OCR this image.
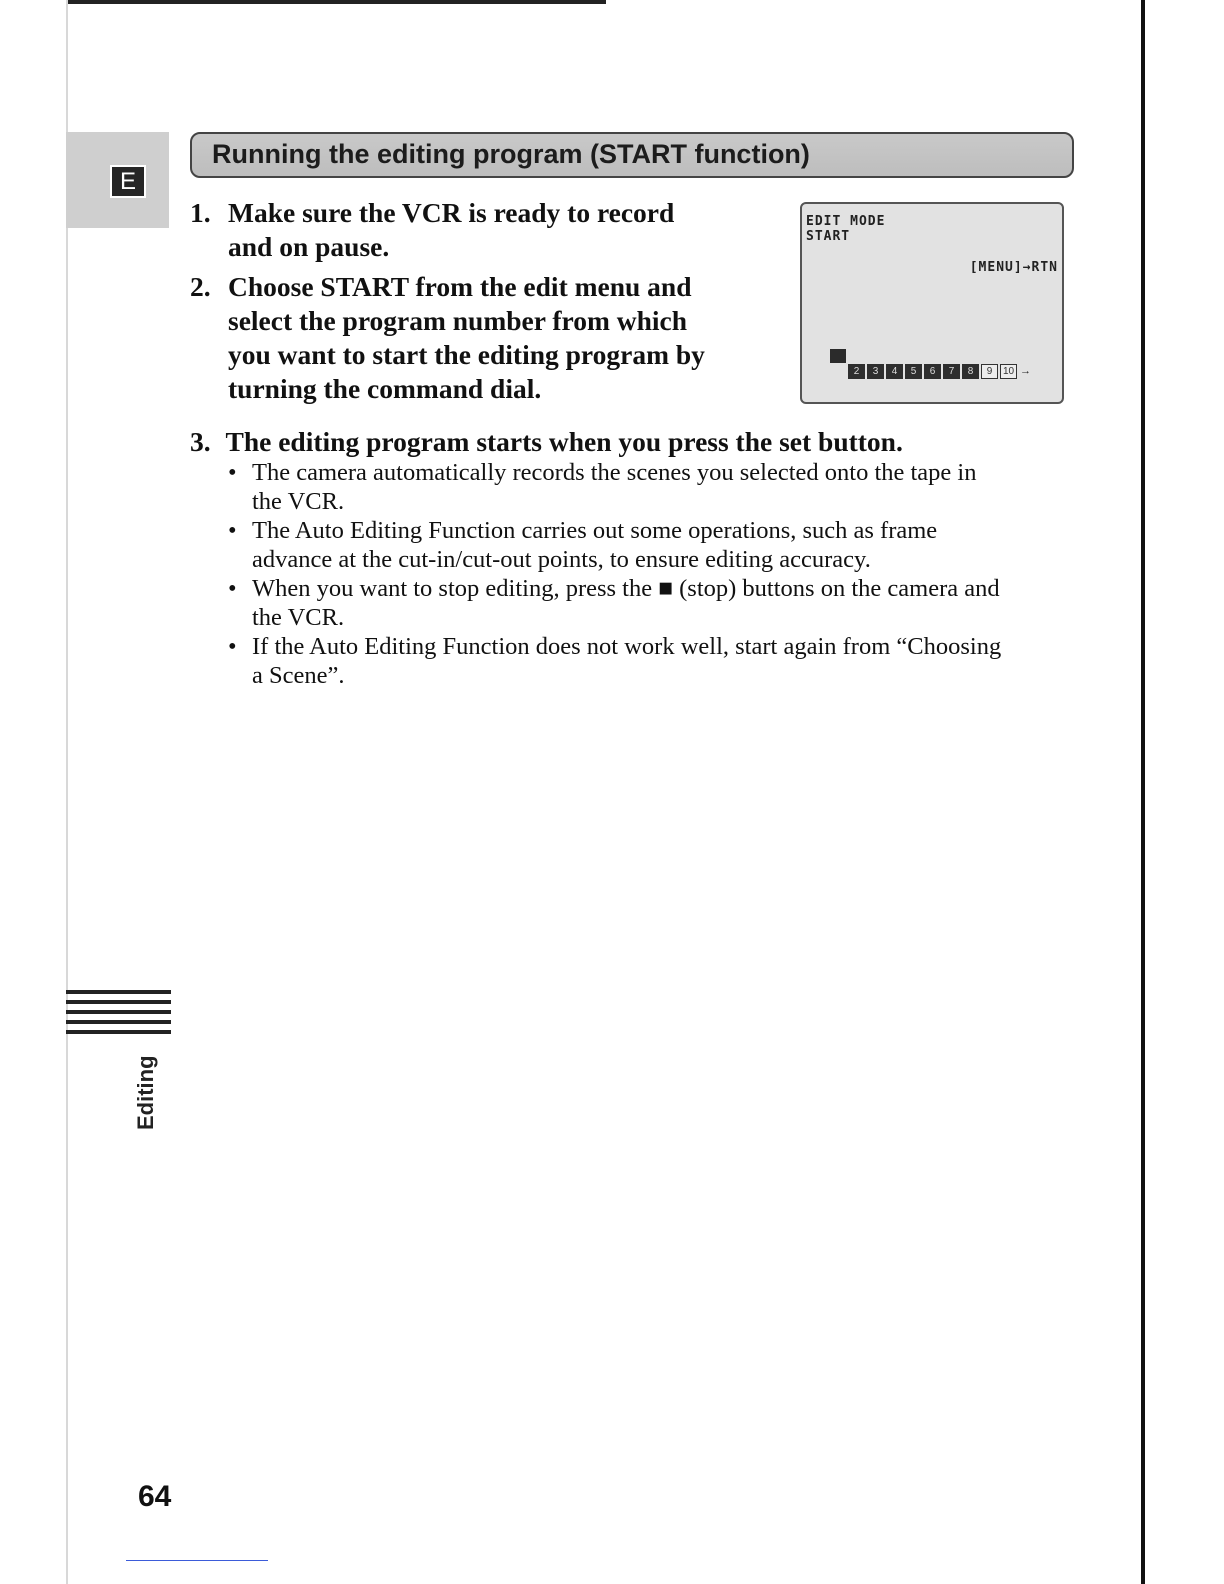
E
Running the editing program (START function)
1. Make sure the VCR is ready to record
and on pause.
2. Choose START from the edit menu and
select the program number from which
you want to start the editing program by
turning the command dial.
EDIT MODE
START
[MENU]→RTN
2	3	4	5	6	7	8	9	10 →
3. The editing program starts when you press the set button.
• The camera automatically records the scenes you selected onto the tape in
the VCR.
• The Auto Editing Function carries out some operations, such as frame
advance at the cut-in/cut-out points, to ensure editing accuracy.
• When you want to stop editing, press the ■ (stop) buttons on the camera and
the VCR.
• If the Auto Editing Function does not work well, start again from “Choosing
a Scene”.
Editing
64
